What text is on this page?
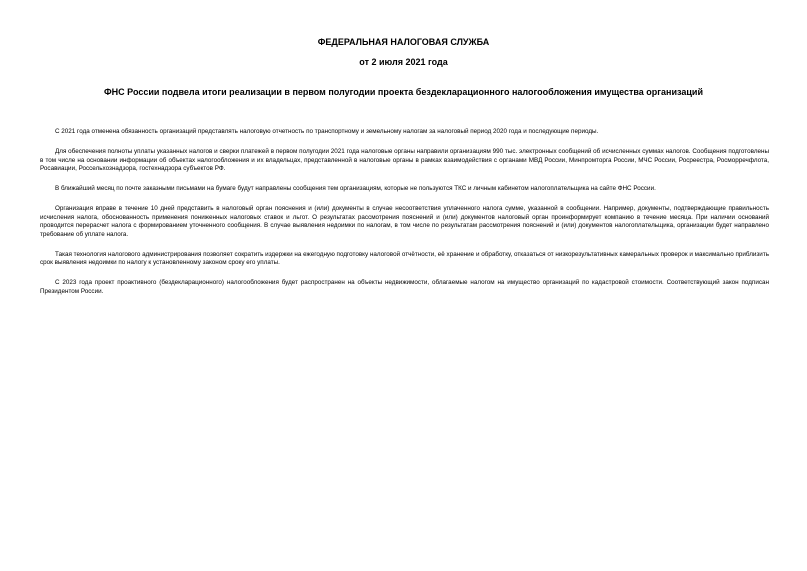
ФЕДЕРАЛЬНАЯ НАЛОГОВАЯ СЛУЖБА
от 2 июля 2021 года
ФНС России подвела итоги реализации в первом полугодии проекта бездекларационного налогообложения имущества организаций

С 2021 года отменена обязанность организаций представлять налоговую отчетность по транспортному и земельному налогам за налоговый период 2020 года и последующие периоды.

Для обеспечения полноты уплаты указанных налогов и сверки платежей в первом полугодии 2021 года налоговые органы направили организациям 990 тыс. электронных сообщений об исчисленных суммах налогов. Сообщения подготовлены в том числе на основании информации об объектах налогообложения и их владельцах, представленной в налоговые органы в рамках взаимодействия с органами МВД России, Минпромторга России, МЧС России, Росреестра, Росморречфлота, Росавиации, Россельхознадзора, гостехнадзора субъектов РФ.

В ближайший месяц по почте заказными письмами на бумаге будут направлены сообщения тем организациям, которые не пользуются ТКС и личным кабинетом налогоплательщика на сайте ФНС России.

Организация вправе в течение 10 дней представить в налоговый орган пояснения и (или) документы в случае несоответствия уплаченного налога сумме, указанной в сообщении. Например, документы, подтверждающие правильность исчисления налога, обоснованность применения пониженных налоговых ставок и льгот. О результатах рассмотрения пояснений и (или) документов налоговый орган проинформирует компанию в течение месяца. При наличии оснований проводится перерасчет налога с формированием уточненного сообщения. В случае выявления недоимки по налогам, в том числе по результатам рассмотрения пояснений и (или) документов налогоплательщика, организации будет направлено требование об уплате налога.

Такая технология налогового администрирования позволяет сократить издержки на ежегодную подготовку налоговой отчётности, её хранение и обработку, отказаться от низкорезультативных камеральных проверок и максимально приблизить срок выявления недоимки по налогу к установленному законом сроку его уплаты.

С 2023 года проект проактивного (бездекларационного) налогообложения будет распространен на объекты недвижимости, облагаемые налогом на имущество организаций по кадастровой стоимости. Соответствующий закон подписан Президентом России.
